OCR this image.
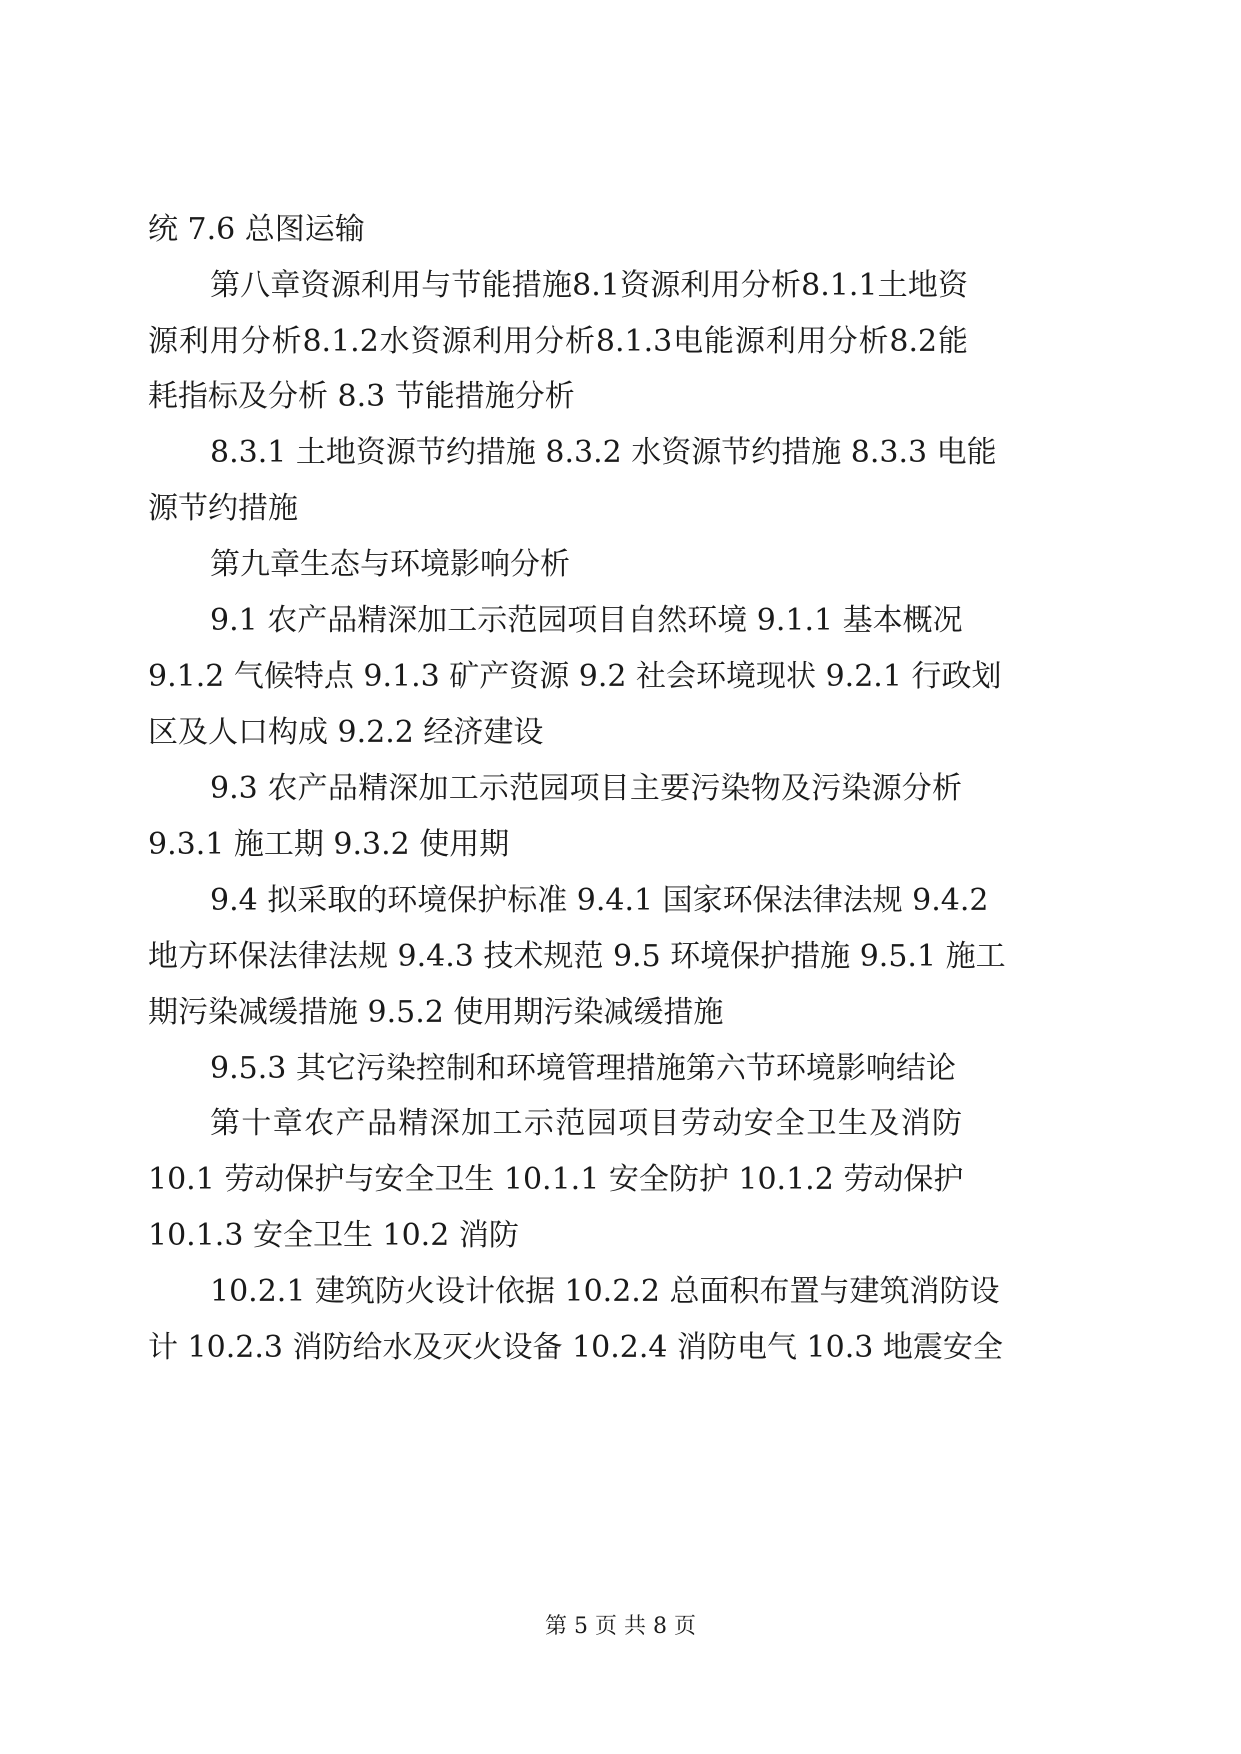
统 7.6 总图运输
第八章资源利用与节能措施8.1资源利用分析8.1.1土地资
源利用分析8.1.2水资源利用分析8.1.3电能源利用分析8.2能
耗指标及分析 8.3 节能措施分析
8.3.1 土地资源节约措施 8.3.2 水资源节约措施 8.3.3 电能
源节约措施
第九章生态与环境影响分析
9.1 农产品精深加工示范园项目自然环境 9.1.1 基本概况
9.1.2 气候特点 9.1.3 矿产资源 9.2 社会环境现状 9.2.1 行政划
区及人口构成 9.2.2 经济建设
9.3 农产品精深加工示范园项目主要污染物及污染源分析
9.3.1 施工期 9.3.2 使用期
9.4 拟采取的环境保护标准 9.4.1 国家环保法律法规 9.4.2
地方环保法律法规 9.4.3 技术规范 9.5 环境保护措施 9.5.1 施工
期污染减缓措施 9.5.2 使用期污染减缓措施
9.5.3 其它污染控制和环境管理措施第六节环境影响结论
第十章农产品精深加工示范园项目劳动安全卫生及消防
10.1 劳动保护与安全卫生 10.1.1 安全防护 10.1.2 劳动保护
10.1.3 安全卫生 10.2 消防
10.2.1 建筑防火设计依据 10.2.2 总面积布置与建筑消防设
计 10.2.3 消防给水及灭火设备 10.2.4 消防电气 10.3 地震安全
第 5 页 共 8 页
